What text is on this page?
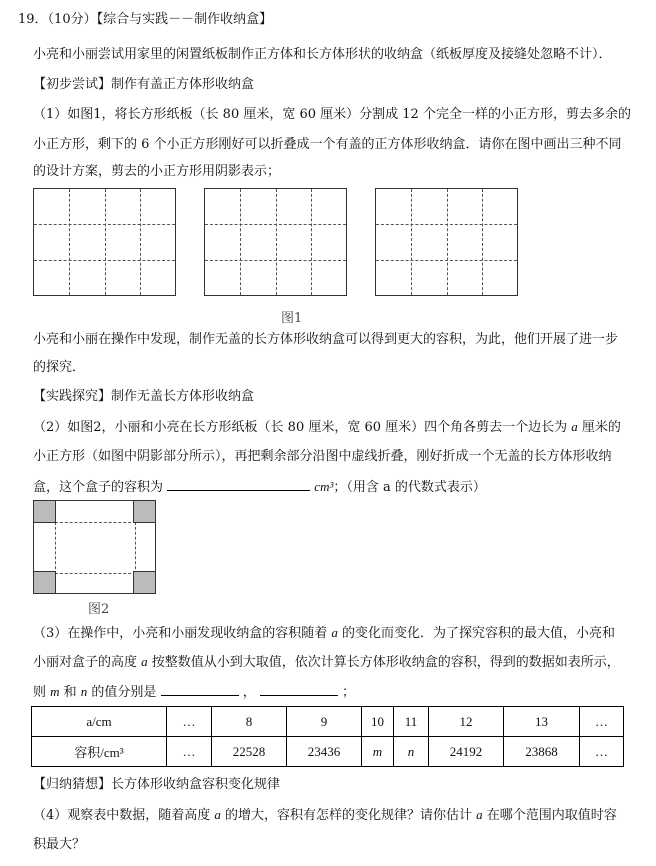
19．（10分）【综合与实践－－制作收纳盒】
小亮和小丽尝试用家里的闲置纸板制作正方体和长方体形状的收纳盒（纸板厚度及接缝处忽略不计）．
【初步尝试】制作有盖正方体形收纳盒
（1）如图1，将长方形纸板（长 80 厘米，宽 60 厘米）分割成 12 个完全一样的小正方形，剪去多余的
小正方形，剩下的 6 个小正方形刚好可以折叠成一个有盖的正方体形收纳盒．请你在图中画出三种不同
的设计方案，剪去的小正方形用阴影表示；
图1
小亮和小丽在操作中发现，制作无盖的长方体形收纳盒可以得到更大的容积，为此，他们开展了进一步
的探究．
【实践探究】制作无盖长方体形收纳盒
（2）如图2，小丽和小亮在长方形纸板（长 80 厘米，宽 60 厘米）四个角各剪去一个边长为 a 厘米的
小正方形（如图中阴影部分所示），再把剩余部分沿图中虚线折叠，刚好折成一个无盖的长方体形收纳
盒，这个盒子的容积为	cm³；（用含 a 的代数式表示）
图2
（3）在操作中，小亮和小丽发现收纳盒的容积随着 a 的变化而变化．为了探究容积的最大值，小亮和
小丽对盒子的高度 a 按整数值从小到大取值，依次计算长方体形收纳盒的容积，得到的数据如表所示，
则 m 和 n 的值分别是	，	；
a/cm	…	8	9	10	11	12	13	…
容积/cm³	…	22528	23436	m	n	24192	23868	…
【归纳猜想】长方体形收纳盒容积变化规律
（4）观察表中数据，随着高度 a 的增大，容积有怎样的变化规律？请你估计 a 在哪个范围内取值时容
积最大？
